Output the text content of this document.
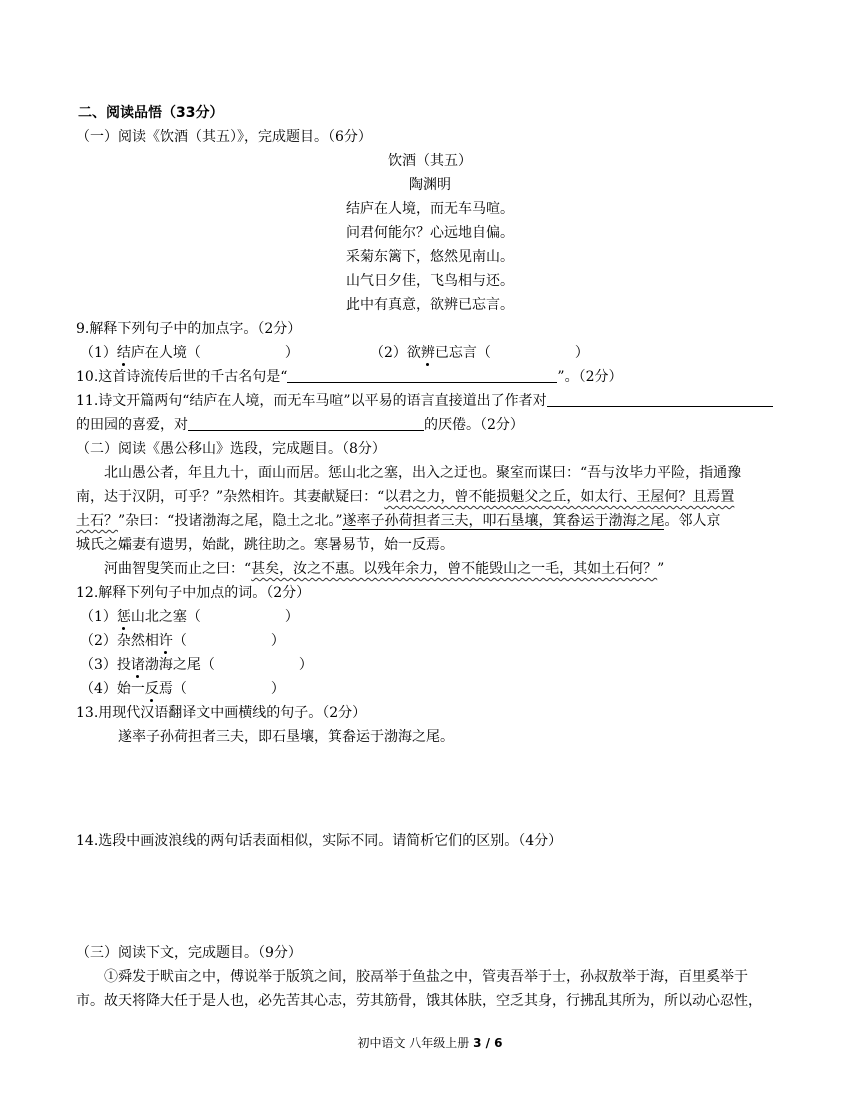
二、阅读品悟（33分）
（一）阅读《饮酒（其五）》，完成题目。（6分）
饮酒（其五）
陶渊明
结庐在人境，而无车马喧。
问君何能尔？心远地自偏。
采菊东篱下，悠然见南山。
山气日夕佳，飞鸟相与还。
此中有真意，欲辨已忘言。
9.解释下列句子中的加点字。（2分）
（1）结庐在人境（	）	（2）欲辨已忘言（	）
10.这首诗流传后世的千古名句是“	”。（2分）
11.诗文开篇两句“结庐在人境，而无车马喧”以平易的语言直接道出了作者对
的田园的喜爱，对	的厌倦。（2分）
（二）阅读《愚公移山》选段，完成题目。（8分）
北山愚公者，年且九十，面山而居。惩山北之塞，出入之迂也。聚室而谋曰：“吾与汝毕力平险，指通豫
南，达于汉阴，可乎？”杂然相许。其妻献疑曰：“以君之力，曾不能损魁父之丘，如太行、王屋何？且焉置
土石？”杂曰：“投诸渤海之尾，隐土之北。”遂率子孙荷担者三夫，叩石垦壤，箕畚运于渤海之尾。邻人京
城氏之孀妻有遗男，始龀，跳往助之。寒暑易节，始一反焉。
河曲智叟笑而止之曰：“甚矣，汝之不惠。以残年余力，曾不能毁山之一毛，其如土石何？”
12.解释下列句子中加点的词。（2分）
（1）惩山北之塞（	）
（2）杂然相许（	）
（3）投诸渤海之尾（	）
（4）始一反焉（	）
13.用现代汉语翻译文中画横线的句子。（2分）
遂率子孙荷担者三夫，即石垦壤，箕畚运于渤海之尾。
14.选段中画波浪线的两句话表面相似，实际不同。请简析它们的区别。（4分）
（三）阅读下文，完成题目。（9分）
①舜发于畎亩之中，傅说举于版筑之间，胶鬲举于鱼盐之中，管夷吾举于士，孙叔敖举于海，百里奚举于
市。故天将降大任于是人也，必先苦其心志，劳其筋骨，饿其体肤，空乏其身，行拂乱其所为，所以动心忍性，
初中语文 八年级上册 3 / 6
